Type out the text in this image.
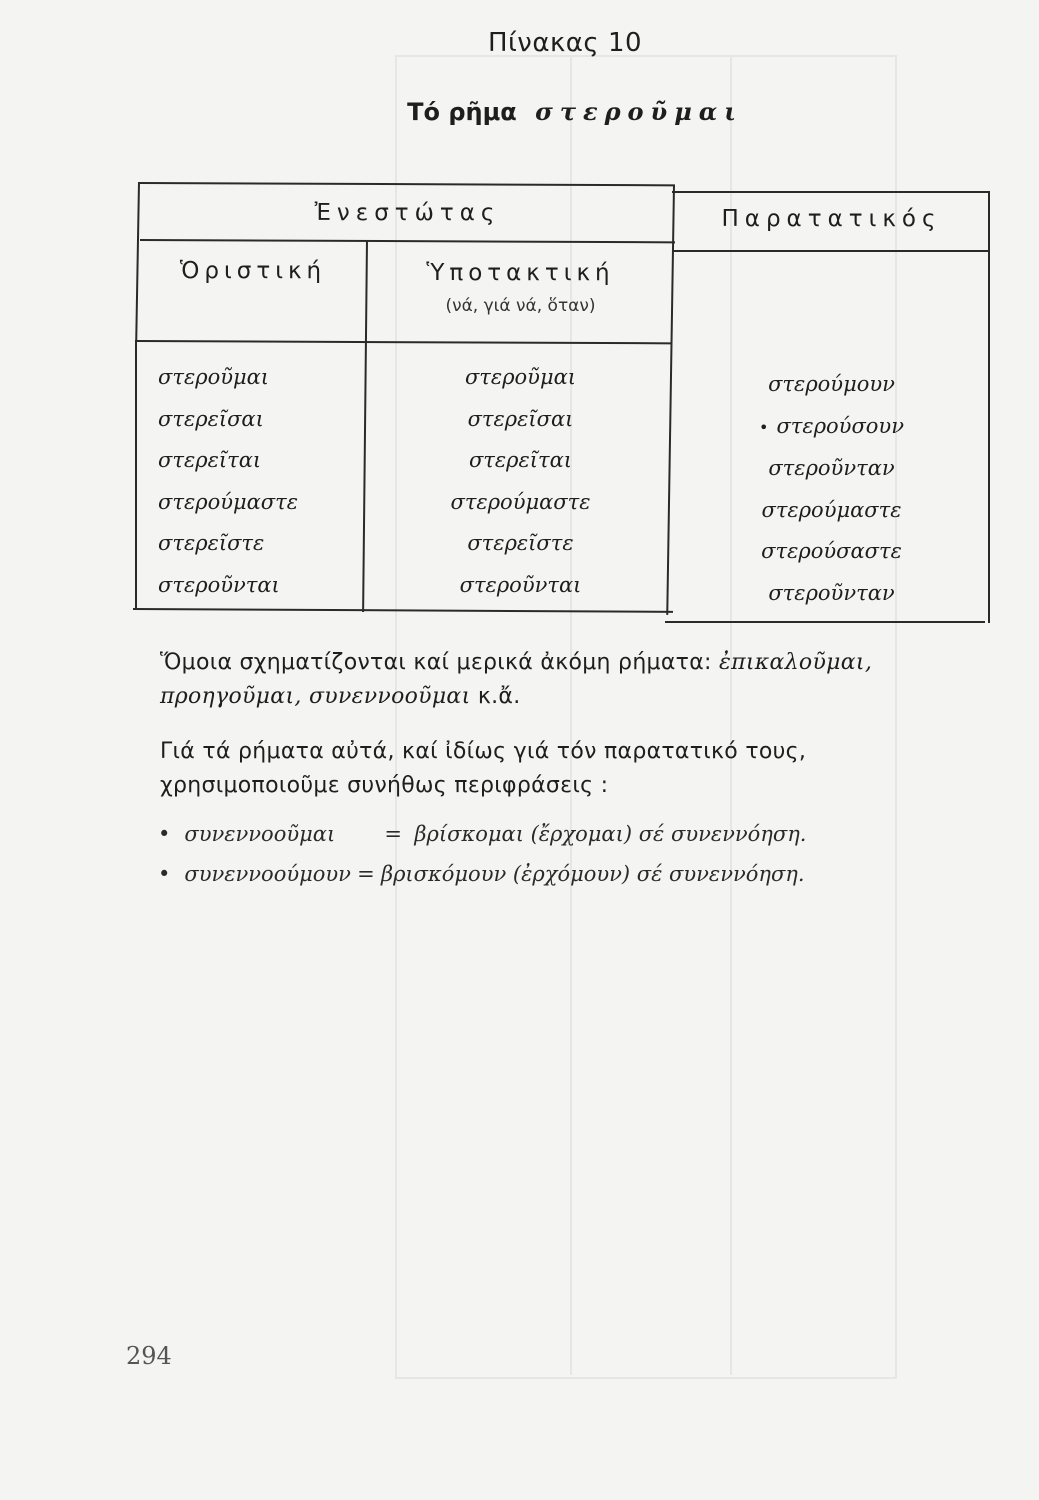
Πίνακας 10
Τό ρῆμα στεροῦμαι
Ἐνεστώτας	Παρατατικός
Ὁριστική	Ὑποτακτική
(νά, γιά νά, ὅταν)
στεροῦμαι
στερεῖσαι
στερεῖται
στερούμαστε
στερεῖστε
στεροῦνται
στεροῦμαι
στερεῖσαι
στερεῖται
στερούμαστε
στερεῖστε
στεροῦνται
στερούμουν
• στερούσουν
στεροῦνταν
στερούμαστε
στερούσαστε
στεροῦνταν

Ὅμοια σχηματίζονται καί μερικά ἀκόμη ρήματα: ἐπικαλοῦμαι, προηγοῦμαι, συνεννοοῦμαι κ.ἄ.

Γιά τά ρήματα αὐτά, καί ἰδίως γιά τόν παρατατικό τους, χρησιμοποιοῦμε συνήθως περιφράσεις :

• συνεννοοῦμαι = βρίσκομαι (ἔρχομαι) σέ συνεννόηση.
• συνεννοούμουν = βρισκόμουν (ἐρχόμουν) σέ συνεννόηση.
294
